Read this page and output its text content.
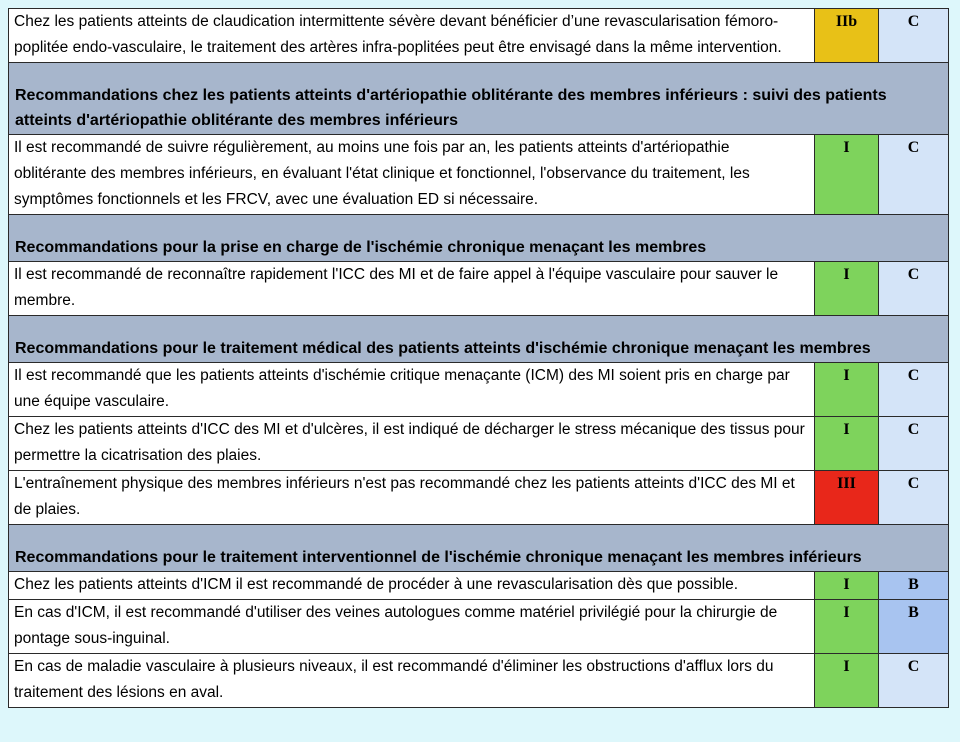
Chez les patients atteints de claudication intermittente sévère devant bénéficier d’une revascularisation fémoro-poplitée endo-vasculaire, le traitement des artères infra-poplitées peut être envisagé dans la même intervention.	IIb	C
Recommandations chez les patients atteints d'artériopathie oblitérante des membres inférieurs : suivi des patients atteints d'artériopathie oblitérante des membres inférieurs		
Il est recommandé de suivre régulièrement, au moins une fois par an, les patients atteints d'artériopathie oblitérante des membres inférieurs, en évaluant l'état clinique et fonctionnel, l'observance du traitement, les symptômes fonctionnels et les FRCV, avec une évaluation ED si nécessaire.	I	C
Recommandations pour la prise en charge de l'ischémie chronique menaçant les membres		
Il est recommandé de reconnaître rapidement l'ICC des MI et de faire appel à l'équipe vasculaire pour sauver le membre.	I	C
Recommandations pour le traitement médical des patients atteints d'ischémie chronique menaçant les membres		
Il est recommandé que les patients atteints d'ischémie critique menaçante (ICM) des MI soient pris en charge par une équipe vasculaire.	I	C
Chez les patients atteints d'ICC des MI et d'ulcères, il est indiqué de décharger le stress mécanique des tissus pour permettre la cicatrisation des plaies.	I	C
L'entraînement physique des membres inférieurs n'est pas recommandé chez les patients atteints d'ICC des MI et de plaies.	III	C
Recommandations pour le traitement interventionnel de l'ischémie chronique menaçant les membres inférieurs		
Chez les patients atteints d'ICM il est recommandé de procéder à une revascularisation dès que possible.	I	B
En cas d'ICM, il est recommandé d'utiliser des veines autologues comme matériel privilégié pour la chirurgie de pontage sous-inguinal.	I	B
En cas de maladie vasculaire à plusieurs niveaux, il est recommandé d'éliminer les obstructions d'afflux lors du traitement des lésions en aval.	I	C
